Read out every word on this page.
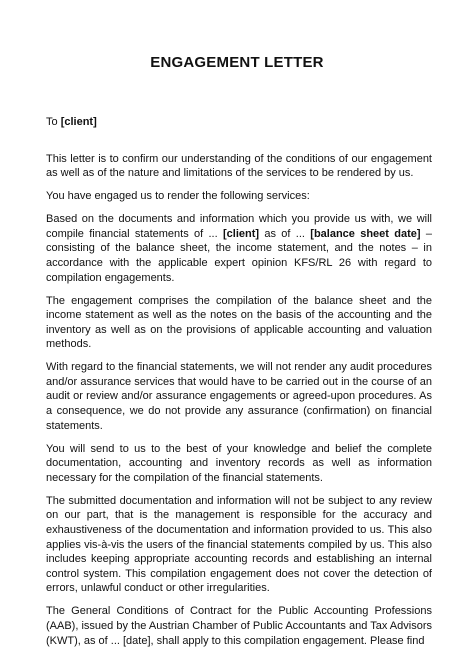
ENGAGEMENT LETTER

To [client]

This letter is to confirm our understanding of the conditions of our engagement as well as of the nature and limitations of the services to be rendered by us.

You have engaged us to render the following services:

Based on the documents and information which you provide us with, we will compile financial statements of ... [client] as of ... [balance sheet date] – consisting of the balance sheet, the income statement, and the notes – in accordance with the applicable expert opinion KFS/RL 26 with regard to compilation engagements.

The engagement comprises the compilation of the balance sheet and the income statement as well as the notes on the basis of the accounting and the inventory as well as on the provisions of applicable accounting and valuation methods.

With regard to the financial statements, we will not render any audit procedures and/or assurance services that would have to be carried out in the course of an audit or review and/or assurance engagements or agreed-upon procedures. As a consequence, we do not provide any assurance (confirmation) on financial statements.

You will send to us to the best of your knowledge and belief the complete documentation, accounting and inventory records as well as information necessary for the compilation of the financial statements.

The submitted documentation and information will not be subject to any review on our part, that is the management is responsible for the accuracy and exhaustiveness of the documentation and information provided to us. This also applies vis-à-vis the users of the financial statements compiled by us. This also includes keeping appropriate accounting records and establishing an internal control system. This compilation engagement does not cover the detection of errors, unlawful conduct or other irregularities.

The General Conditions of Contract for the Public Accounting Professions (AAB), issued by the Austrian Chamber of Public Accountants and Tax Advisors (KWT), as of ... [date], shall apply to this compilation engagement. Please find
